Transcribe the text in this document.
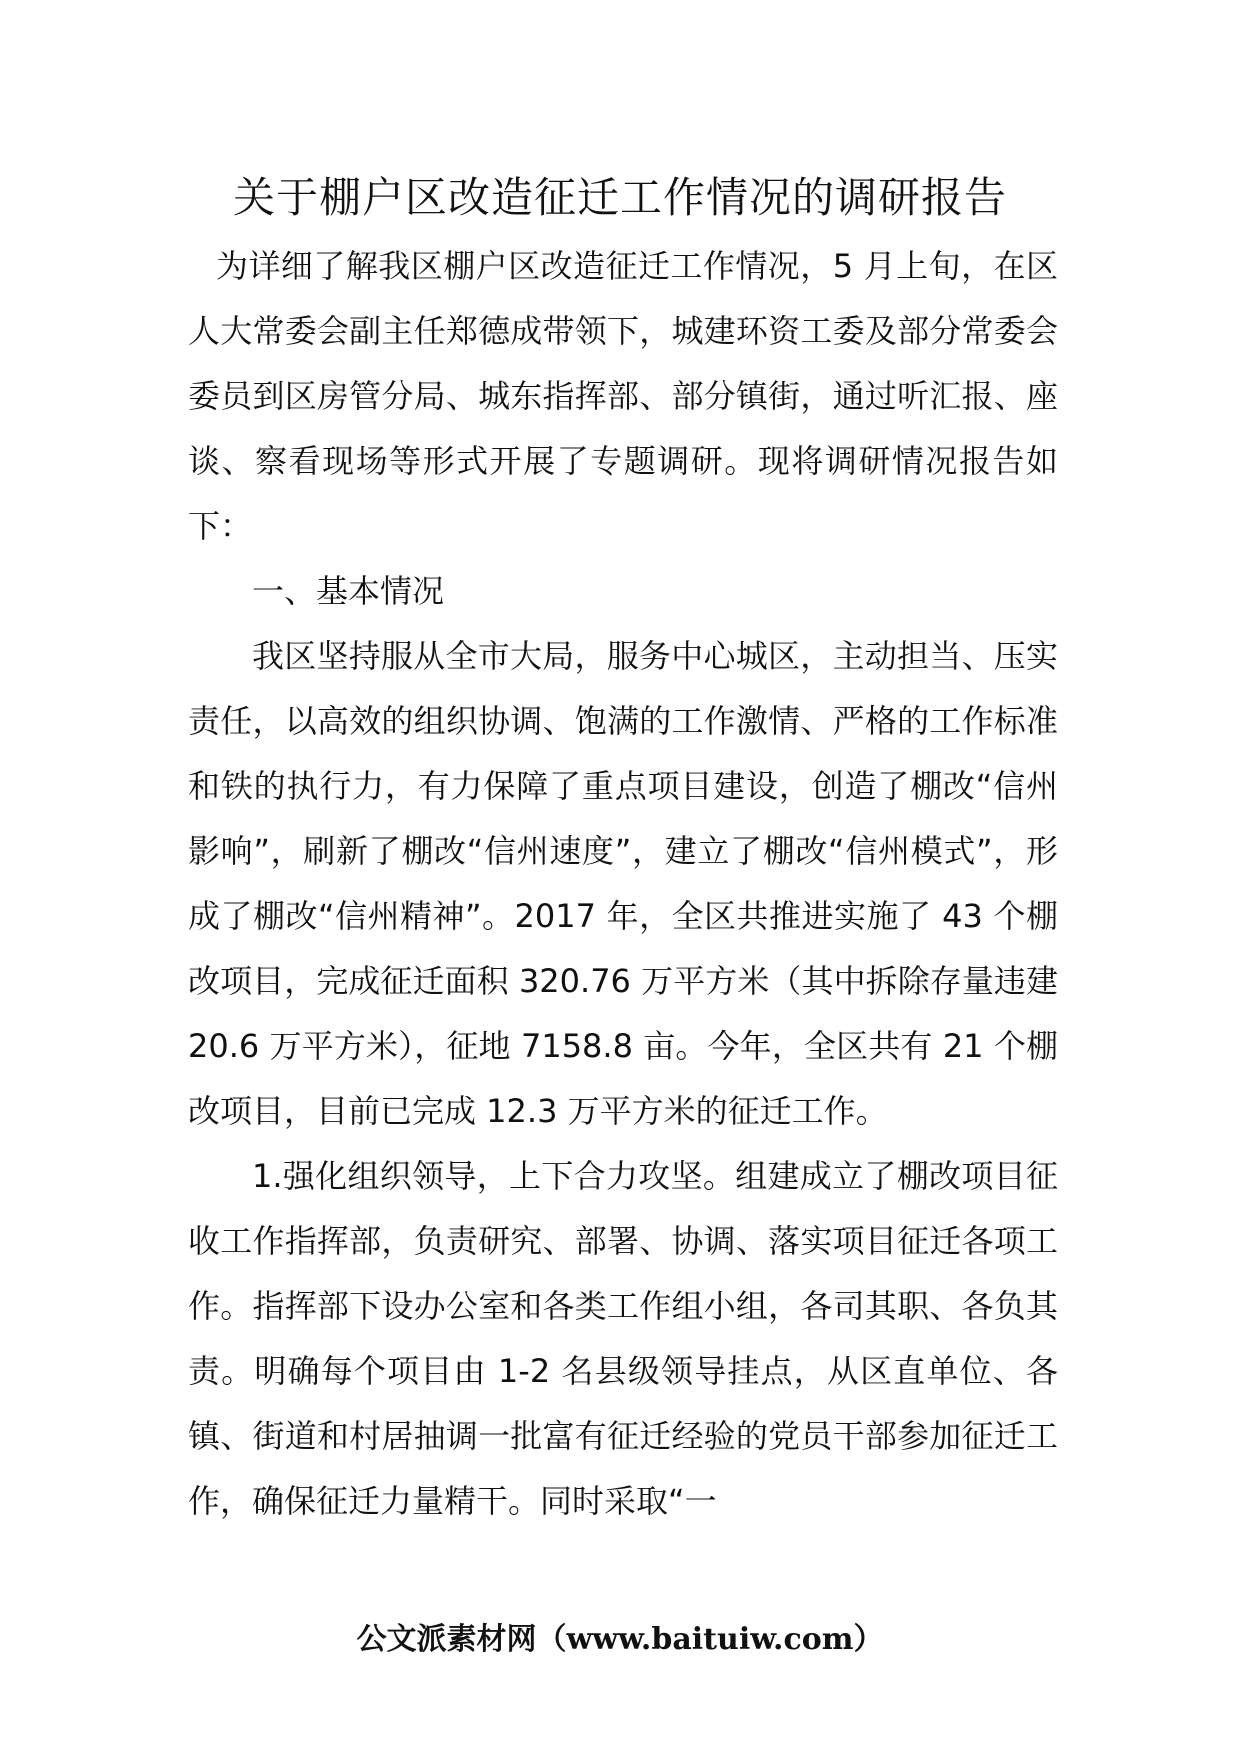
关于棚户区改造征迁工作情况的调研报告

为详细了解我区棚户区改造征迁工作情况，5 月上旬，在区人大常委会副主任郑德成带领下，城建环资工委及部分常委会委员到区房管分局、城东指挥部、部分镇街，通过听汇报、座谈、察看现场等形式开展了专题调研。现将调研情况报告如下：

一、基本情况

我区坚持服从全市大局，服务中心城区，主动担当、压实责任，以高效的组织协调、饱满的工作激情、严格的工作标准和铁的执行力，有力保障了重点项目建设，创造了棚改“信州影响”，刷新了棚改“信州速度”，建立了棚改“信州模式”，形成了棚改“信州精神”。2017 年，全区共推进实施了 43 个棚改项目，完成征迁面积 320.76 万平方米（其中拆除存量违建 20.6 万平方米），征地 7158.8 亩。今年，全区共有 21 个棚改项目，目前已完成 12.3 万平方米的征迁工作。

1.强化组织领导，上下合力攻坚。组建成立了棚改项目征收工作指挥部，负责研究、部署、协调、落实项目征迁各项工作。指挥部下设办公室和各类工作组小组，各司其职、各负其责。明确每个项目由 1-2 名县级领导挂点，从区直单位、各镇、街道和村居抽调一批富有征迁经验的党员干部参加征迁工作，确保征迁力量精干。同时采取“一

公文派素材网（www.baituiw.com）
